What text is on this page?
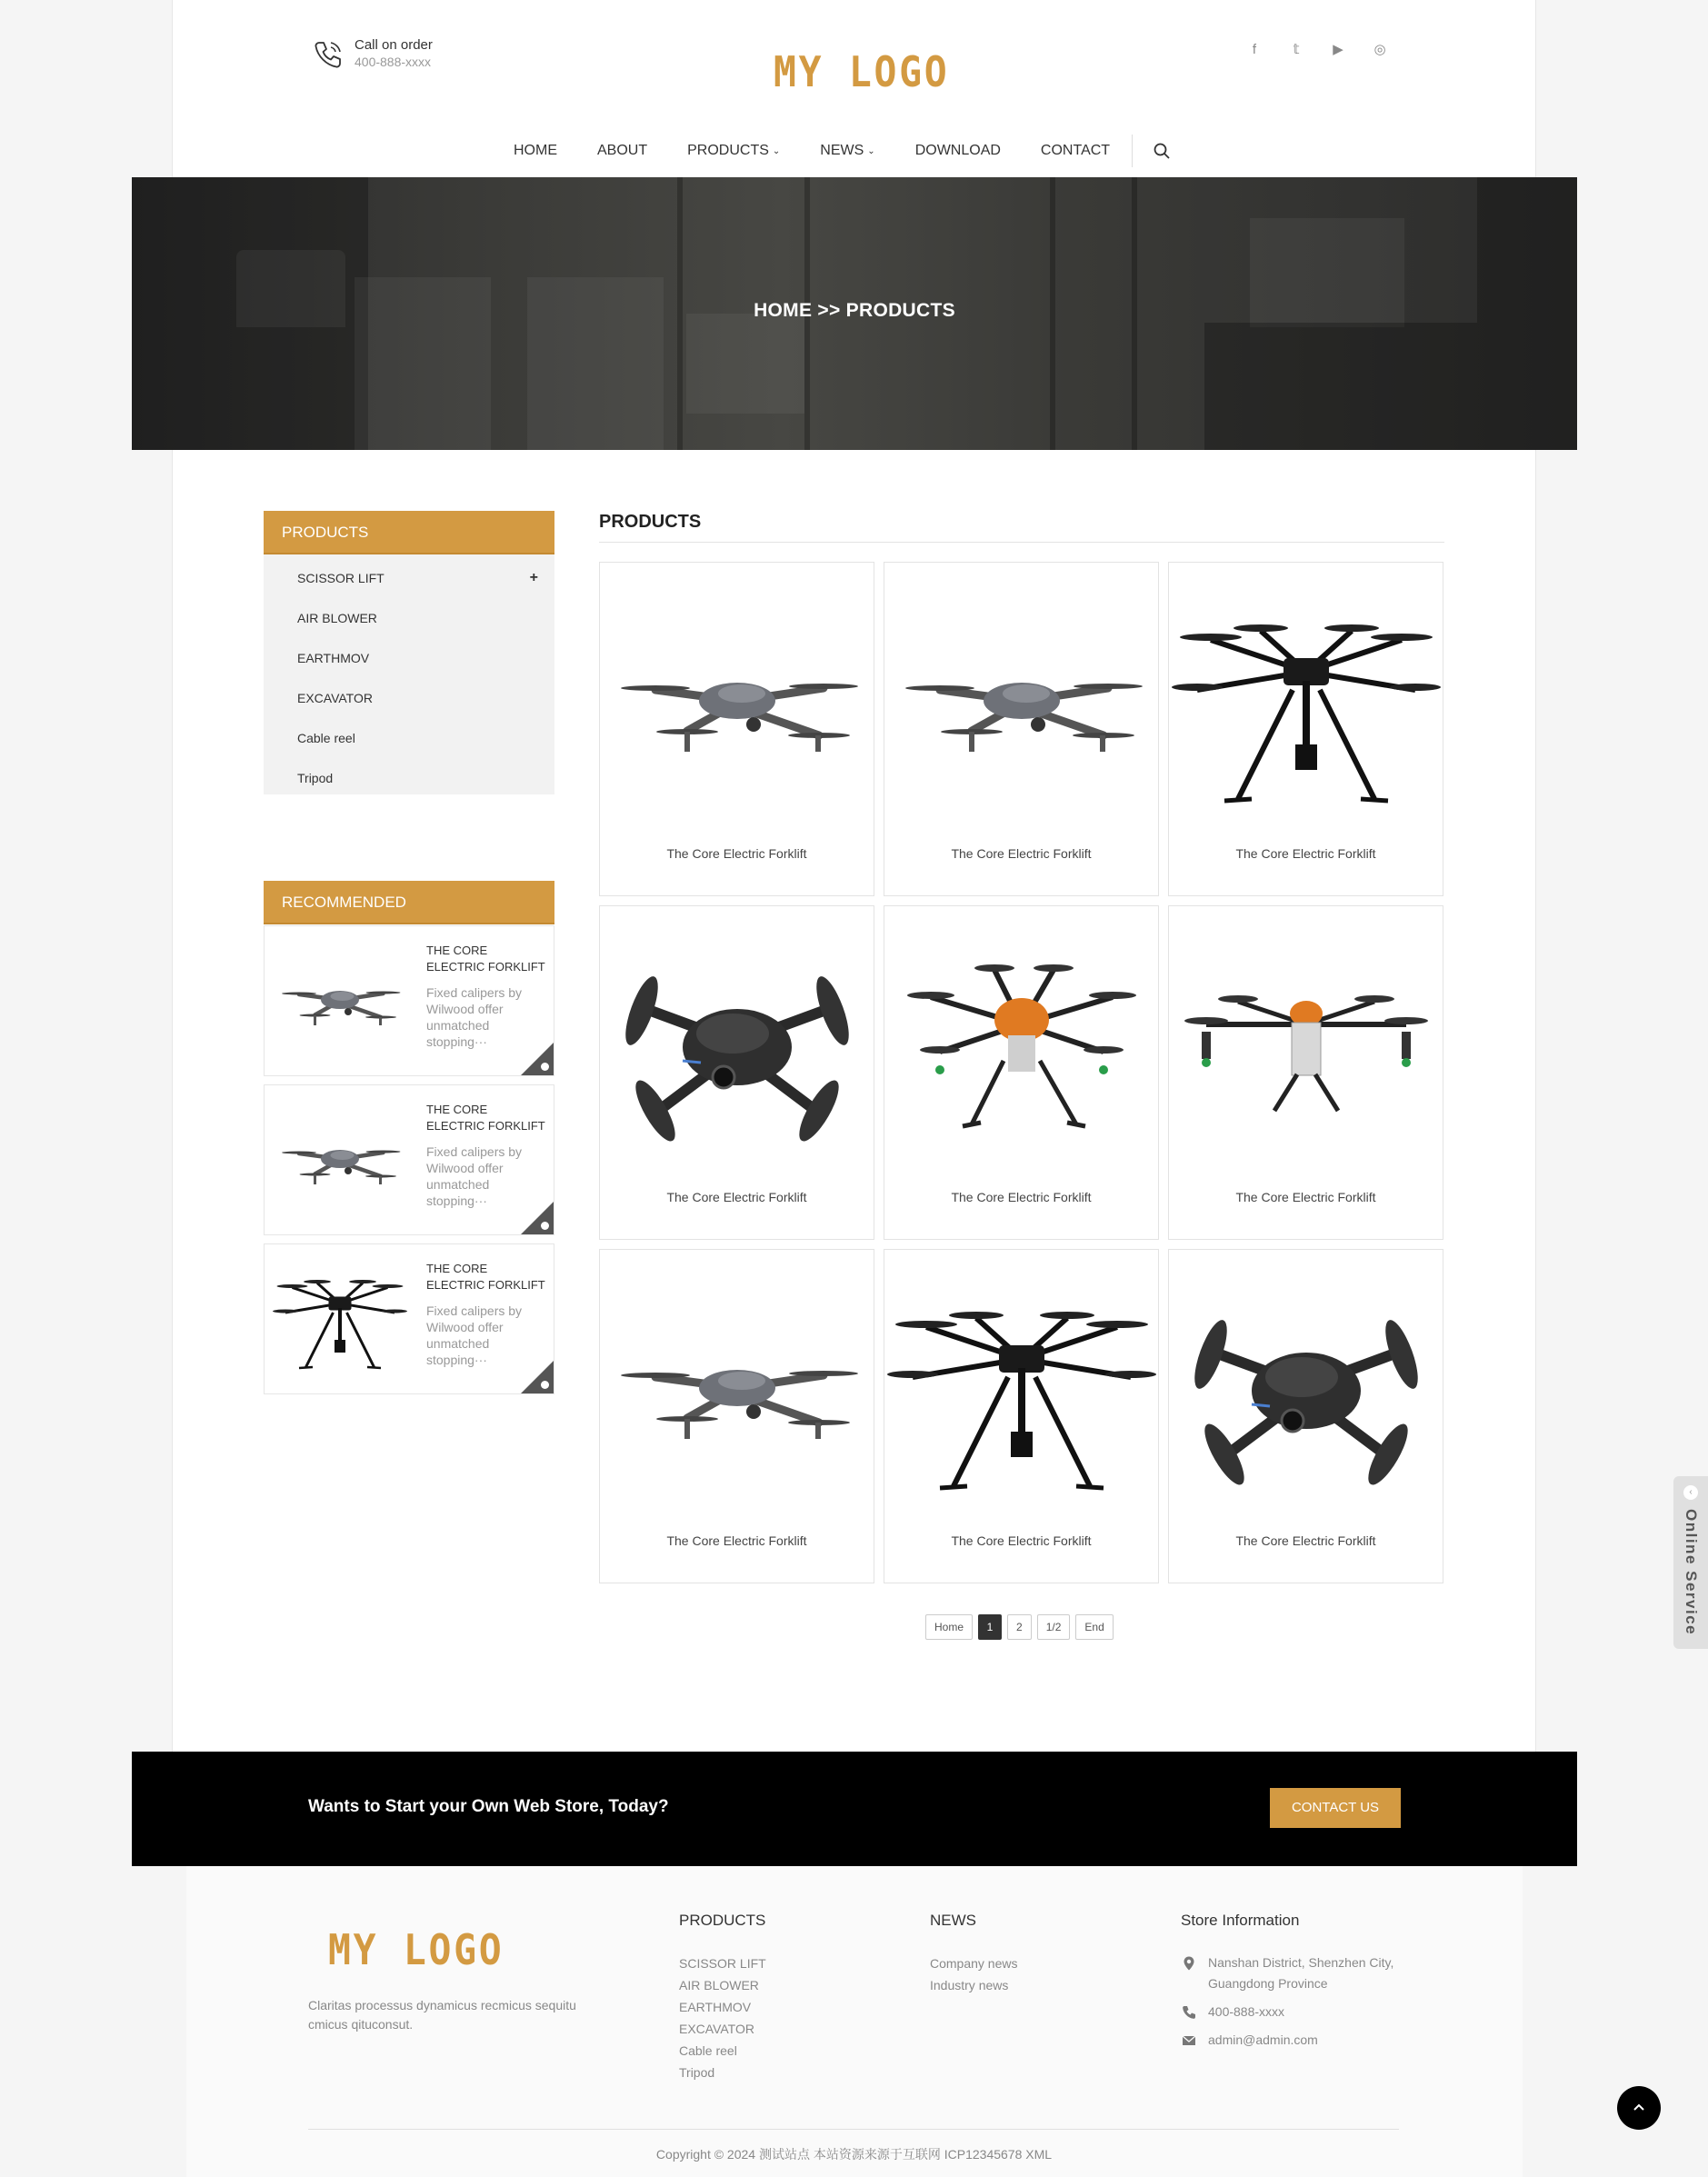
Call on order
400-888-xxxx	MY LOGO	f	𝕥	▶ ◎
HOME	ABOUT	PRODUCTS ⌄	NEWS ⌄	DOWNLOAD	CONTACT
HOME >> PRODUCTS
PRODUCTS
SCISSOR LIFT	+
AIR BLOWER
EARTHMOV
EXCAVATOR
Cable reel
Tripod
RECOMMENDED
THE CORE ELECTRIC FORKLIFT
Fixed calipers by Wilwood offer unmatched stopping···
THE CORE ELECTRIC FORKLIFT
Fixed calipers by Wilwood offer unmatched stopping···
THE CORE ELECTRIC FORKLIFT
Fixed calipers by Wilwood offer unmatched stopping···
PRODUCTS
The Core Electric Forklift	The Core Electric Forklift	The Core Electric Forklift
The Core Electric Forklift	The Core Electric Forklift	The Core Electric Forklift
The Core Electric Forklift	The Core Electric Forklift	The Core Electric Forklift
Home	1	2	1/2	End
‹
Online Service
Wants to Start your Own Web Store, Today?	CONTACT US
MY LOGO
Claritas processus dynamicus recmicus sequitu cmicus qituconsut.
PRODUCTS
SCISSOR LIFT
AIR BLOWER
EARTHMOV
EXCAVATOR
Cable reel
Tripod
NEWS
Company news
Industry news
Store Information
Nanshan District, Shenzhen City, Guangdong Province
400-888-xxxx
admin@admin.com
Copyright © 2024 测试站点 本站资源来源于互联网 ICP12345678 XML
